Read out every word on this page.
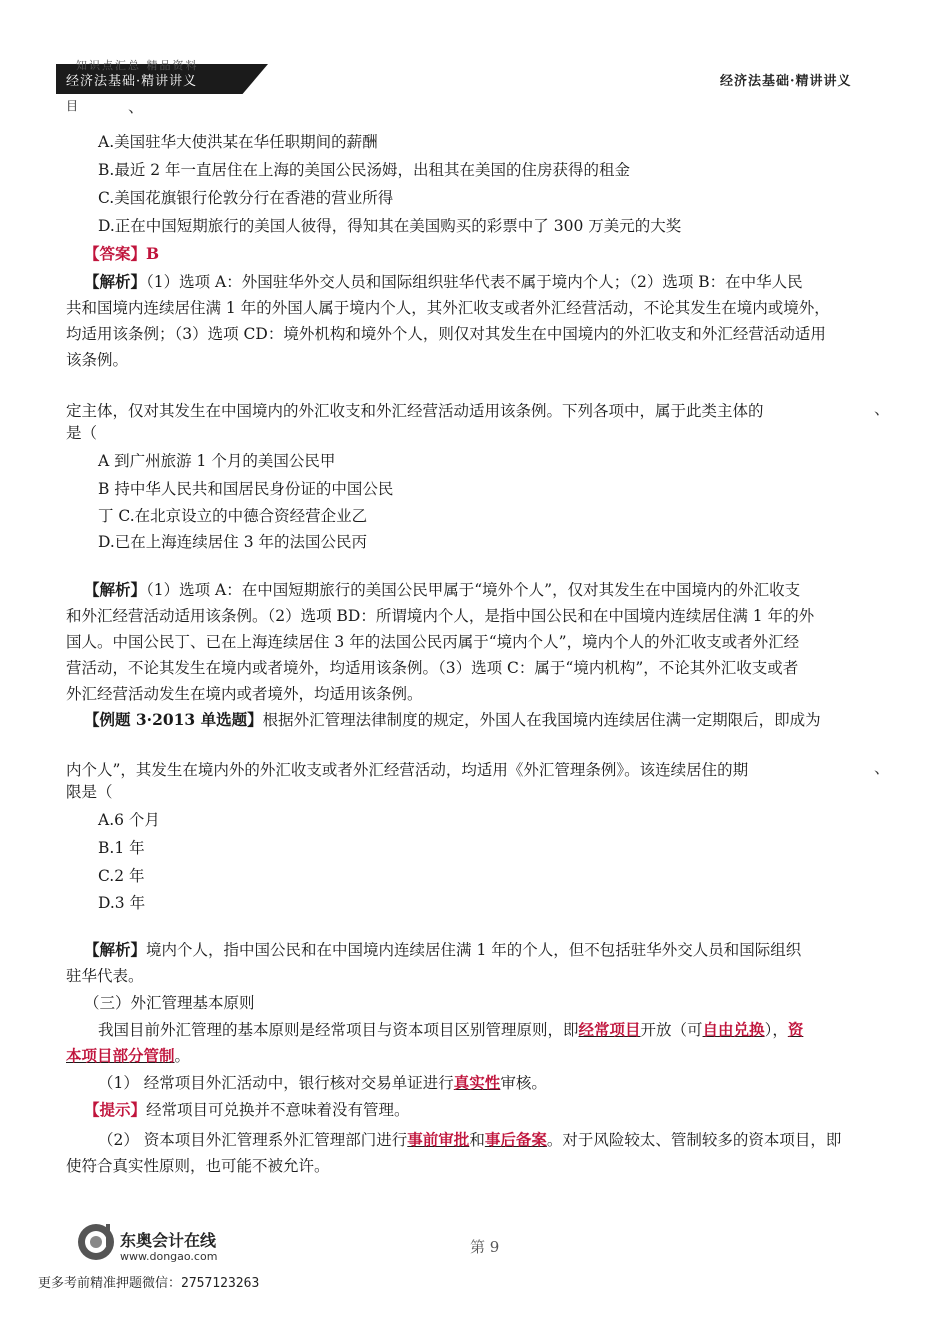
知识点汇总 精品资料
经济法基础·精讲讲义	经济法基础·精讲讲义
目	、
A.美国驻华大使洪某在华任职期间的薪酬
B.最近 2 年一直居住在上海的美国公民汤姆，出租其在美国的住房获得的租金
C.美国花旗银行伦敦分行在香港的营业所得
D.正在中国短期旅行的美国人彼得，得知其在美国购买的彩票中了 300 万美元的大奖
【答案】B
【解析】（1）选项 A：外国驻华外交人员和国际组织驻华代表不属于境内个人；（2）选项 B：在中华人民
共和国境内连续居住满 1 年的外国人属于境内个人，其外汇收支或者外汇经营活动，不论其发生在境内或境外，
均适用该条例；（3）选项 CD：境外机构和境外个人，则仅对其发生在中国境内的外汇收支和外汇经营活动适用
该条例。
定主体，仅对其发生在中国境内的外汇收支和外汇经营活动适用该条例。下列各项中，属于此类主体的	、
是（
A 到广州旅游 1 个月的美国公民甲
B 持中华人民共和国居民身份证的中国公民
丁 C.在北京设立的中德合资经营企业乙
D.已在上海连续居住 3 年的法国公民丙
【解析】（1）选项 A：在中国短期旅行的美国公民甲属于“境外个人”，仅对其发生在中国境内的外汇收支
和外汇经营活动适用该条例。（2）选项 BD：所谓境内个人，是指中国公民和在中国境内连续居住满 1 年的外
国人。中国公民丁、已在上海连续居住 3 年的法国公民丙属于“境内个人”，境内个人的外汇收支或者外汇经
营活动，不论其发生在境内或者境外，均适用该条例。（3）选项 C：属于“境内机构”，不论其外汇收支或者
外汇经营活动发生在境内或者境外，均适用该条例。
【例题 3·2013 单选题】根据外汇管理法律制度的规定，外国人在我国境内连续居住满一定期限后，即成为
内个人”，其发生在境内外的外汇收支或者外汇经营活动，均适用《外汇管理条例》。该连续居住的期	、
限是（
A.6 个月
B.1 年
C.2 年
D.3 年
【解析】境内个人，指中国公民和在中国境内连续居住满 1 年的个人，但不包括驻华外交人员和国际组织
驻华代表。
（三）外汇管理基本原则
我国目前外汇管理的基本原则是经常项目与资本项目区别管理原则，即经常项目开放（可自由兑换），资
本项目部分管制。
（1） 经常项目外汇活动中，银行核对交易单证进行真实性审核。
【提示】经常项目可兑换并不意味着没有管理。
（2） 资本项目外汇管理系外汇管理部门进行事前审批和事后备案。对于风险较太、管制较多的资本项目，即
使符合真实性原则，也可能不被允许。
东奥会计在线
www.dongao.com
第 9
更多考前精准押题微信：2757123263
